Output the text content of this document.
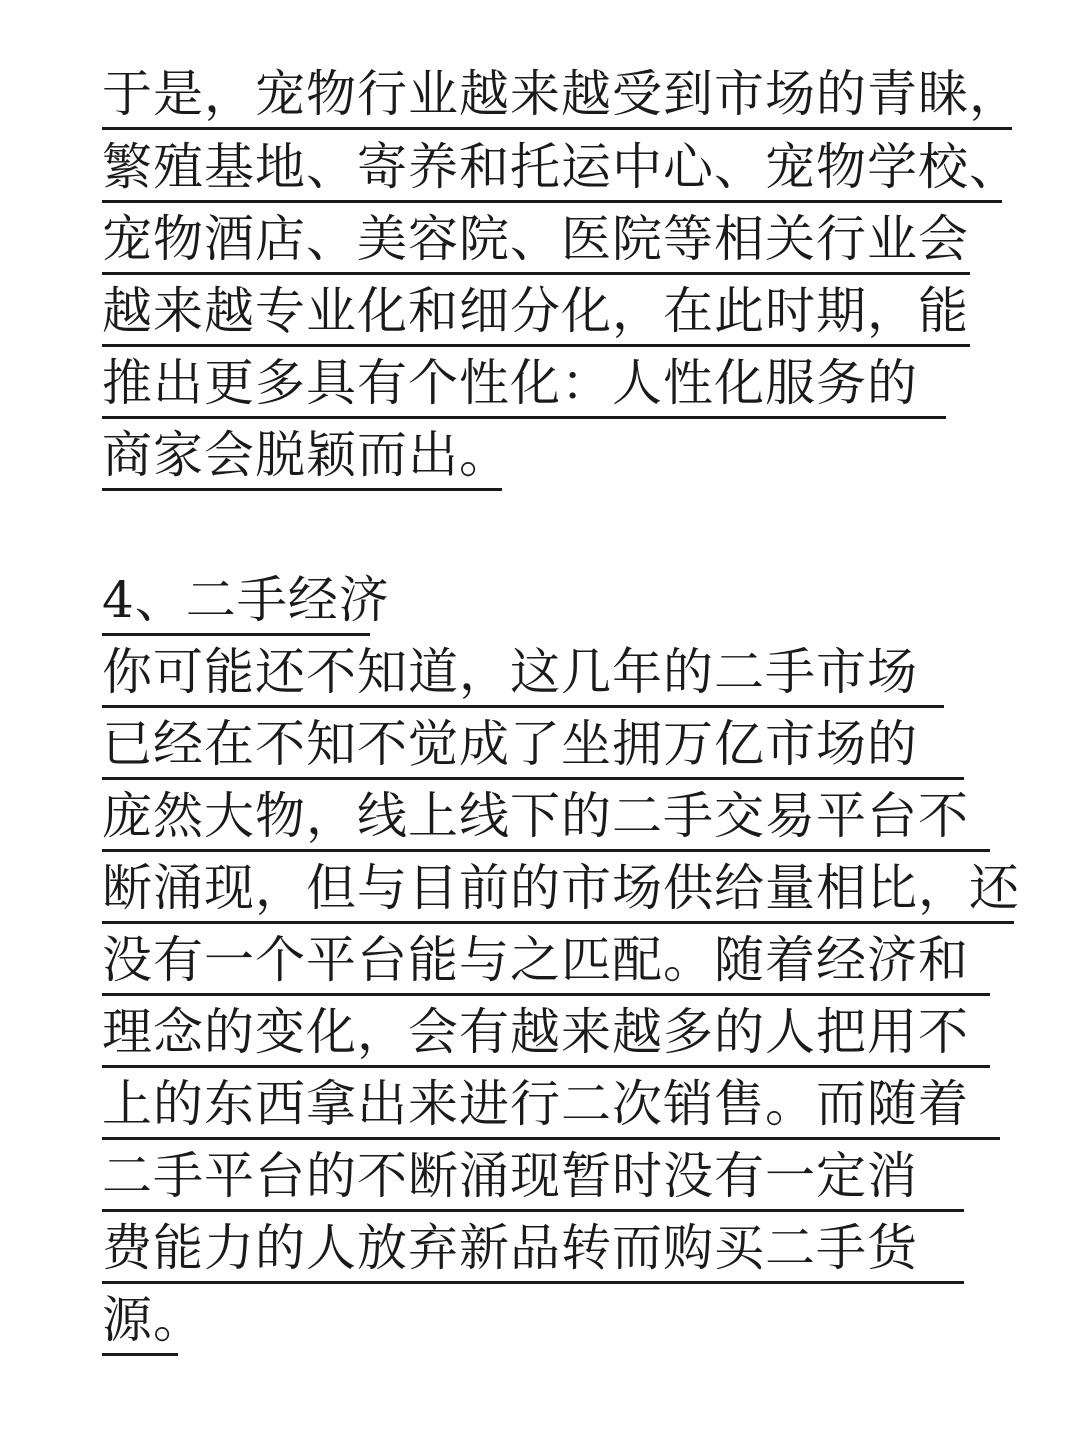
于是，宠物行业越来越受到市场的青睐，
繁殖基地、寄养和托运中心、宠物学校、
宠物酒店、美容院、医院等相关行业会
越来越专业化和细分化，在此时期，能
推出更多具有个性化：人性化服务的
商家会脱颖而出。
4、二手经济
你可能还不知道，这几年的二手市场
已经在不知不觉成了坐拥万亿市场的
庞然大物，线上线下的二手交易平台不
断涌现，但与目前的市场供给量相比，还
没有一个平台能与之匹配。随着经济和
理念的变化，会有越来越多的人把用不
上的东西拿出来进行二次销售。而随着
二手平台的不断涌现暂时没有一定消
费能力的人放弃新品转而购买二手货
源。
